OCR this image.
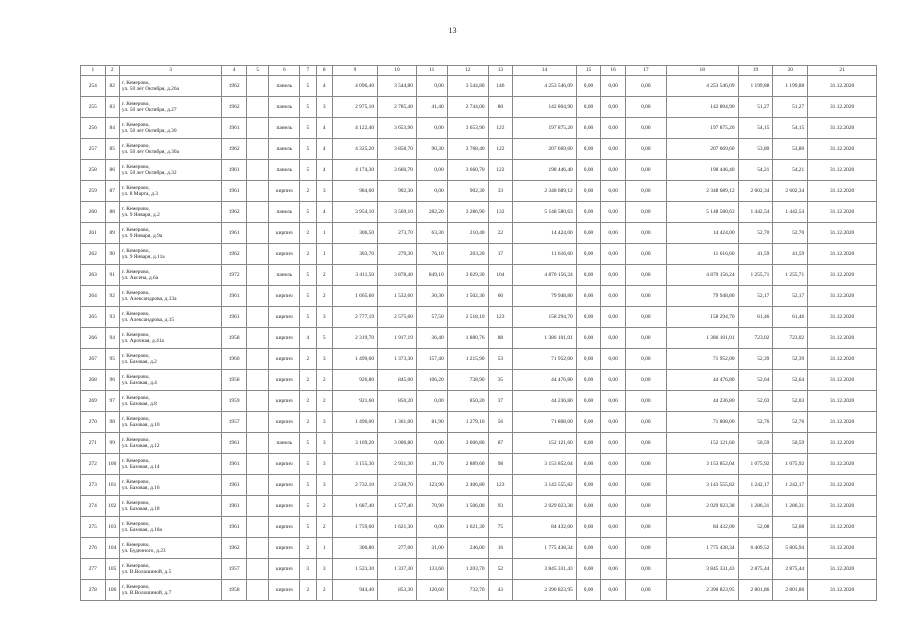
13
1	2	3	4	5	6	7	8	9	10	11	12	13	14	15	16	17	18	19	20	21
254	82	г. Кемерово,
ул. 50 лет Октября, д.26а	1962		панель	5	4	4 096,40	3 544,80	0,00	3 544,80	146	4 253 546,09	0,00	0,00	0,00	4 253 546,09	1 199,88	1 199,88	31.12.2020
255	83	г. Кемерово,
ул. 50 лет Октября, д.27	1962		панель	5	3	2 975,10	2 785,40	41,40	2 744,00	80	142 804,90	0,00	0,00	0,00	142 804,90	51,27	51,27	31.12.2020
256	84	г. Кемерово,
ул. 50 лет Октября, д.30	1961		панель	5	4	4 122,40	3 653,90	0,00	3 653,90	123	197 875,20	0,00	0,00	0,00	197 875,20	54,15	54,15	31.12.2020
257	85	г. Кемерово,
ул. 50 лет Октября, д.30а	1962		панель	5	4	4 325,20	3 858,70	90,30	3 768,40	122	207 669,60	0,00	0,00	0,00	207 669,60	53,80	53,80	31.12.2020
258	86	г. Кемерово,
ул. 50 лет Октября, д.32	1961		панель	5	4	4 174,30	3 660,70	0,00	3 660,70	122	198 446,40	0,00	0,00	0,00	198 446,40	54,21	54,21	31.12.2020
259	87	г. Кемерово,
ул. 8 Марта, д.3	1961		кирпич	2	3	984,00	902,30	0,00	902,30	33	2 348 689,12	0,00	0,00	0,00	2 348 689,12	2 602,34	2 602,34	31.12.2020
260	88	г. Кемерово,
ул. 9 Января, д.2	1962		панель	5	4	3 954,10	3 569,10	282,20	3 286,90	132	5 148 580,63	0,00	0,00	0,00	5 148 580,63	1 442,54	1 442,54	31.12.2020
261	89	г. Кемерово,
ул. 9 Января, д.9а	1961		кирпич	2	1	306,50	273,70	63,30	210,40	22	14 424,00	0,00	0,00	0,00	14 424,00	52,70	52,70	31.12.2020
262	90	г. Кемерово,
ул. 9 Января, д.11а	1962		кирпич	2	1	303,70	279,30	76,10	203,20	17	11 616,60	0,00	0,00	0,00	11 616,60	41,59	41,59	31.12.2020
263	91	г. Кемерово,
ул. Аксена, д.6а	1972		панель	5	2	3 411,50	3 878,40	849,10	3 029,30	104	4 870 156,24	0,00	0,00	0,00	4 870 156,24	1 255,71	1 255,71	31.12.2020
264	92	г. Кемерово,
ул. Александрова, д.13а	1961		кирпич	5	2	1 665,60	1 532,60	30,30	1 502,30	60	79 948,80	0,00	0,00	0,00	79 948,80	52,17	52,17	31.12.2020
265	93	г. Кемерово,
ул. Александрова, д.15	1961		кирпич	5	3	2 777,19	2 575,60	57,50	2 518,10	123	158 294,70	0,00	0,00	0,00	158 294,70	61,46	61,46	31.12.2020
266	94	г. Кемерово,
ул. Арочная, д.41а	1958		кирпич	4	5	2 319,70	1 917,19	36,40	1 880,76	88	1 386 101,01	0,00	0,00	0,00	1 386 101,01	723,02	723,02	31.12.2020
267	95	г. Кемерово,
ул. Базовая, д.2	1960		кирпич	2	3	1 499,00	1 373,30	157,40	1 215,90	53	71 952,00	0,00	0,00	0,00	71 952,00	52,39	52,39	31.12.2020
268	96	г. Кемерово,
ул. Базовая, д.4	1958		кирпич	2	2	926,80	845,00	106,20	738,90	35	44 476,80	0,00	0,00	0,00	44 476,80	52,64	52,64	31.12.2020
269	97	г. Кемерово,
ул. Базовая, д.8	1959		кирпич	2	2	921,60	850,20	0,00	850,20	37	44 236,80	0,00	0,00	0,00	44 236,80	52,03	52,03	31.12.2020
270	98	г. Кемерово,
ул. Базовая, д.10	1957		кирпич	2	3	1 496,00	1 361,00	81,90	1 279,10	56	71 808,00	0,00	0,00	0,00	71 808,00	52,76	52,76	31.12.2020
271	99	г. Кемерово,
ул. Базовая, д.12	1961		панель	5	3	3 169,20	3 006,80	0,00	3 006,80	87	152 121,60	0,00	0,00	0,00	152 121,60	50,59	50,59	31.12.2020
272	100	г. Кемерово,
ул. Базовая, д.14	1961		кирпич	5	3	3 155,30	2 931,30	41,70	2 889,60	98	3 153 852,04	0,00	0,00	0,00	3 153 852,04	1 075,92	1 075,92	31.12.2020
273	101	г. Кемерово,
ул. Базовая, д.16	1961		кирпич	5	3	2 732,10	2 530,70	123,90	2 406,80	123	3 143 555,82	0,00	0,00	0,00	3 143 555,82	1 242,17	1 242,17	31.12.2020
274	102	г. Кемерово,
ул. Базовая, д.18	1961		кирпич	5	2	1 687,40	1 577,40	70,90	1 506,00	93	2 029 023,38	0,00	0,00	0,00	2 029 023,38	1 286,31	1 286,31	31.12.2020
275	103	г. Кемерово,
ул. Базовая, д.18а	1961		кирпич	5	2	1 759,00	1 621,30	0,00	1 621,30	75	84 432,00	0,00	0,00	0,00	84 432,00	52,08	52,08	31.12.2020
276	104	г. Кемерово,
ул. Буденного, д.23	1962		кирпич	2	1	300,80	277,00	31,00	246,00	16	1 775 438,34	0,00	0,00	0,00	1 775 438,34	6 409,52	5 805,94	31.12.2020
277	105	г. Кемерово,
ул. В.Волошиной, д.5	1957		кирпич	3	3	1 523,30	1 337,30	133,60	1 203,70	52	3 845 331,43	0,00	0,00	0,00	3 845 331,43	2 875,44	2 875,44	31.12.2020
278	106	г. Кемерово,
ул. В.Волошиной, д.7	1958		кирпич	2	2	944,40	853,30	120,60	732,70	43	2 390 823,95	0,00	0,00	0,00	2 390 823,95	2 801,86	2 801,86	31.12.2020
